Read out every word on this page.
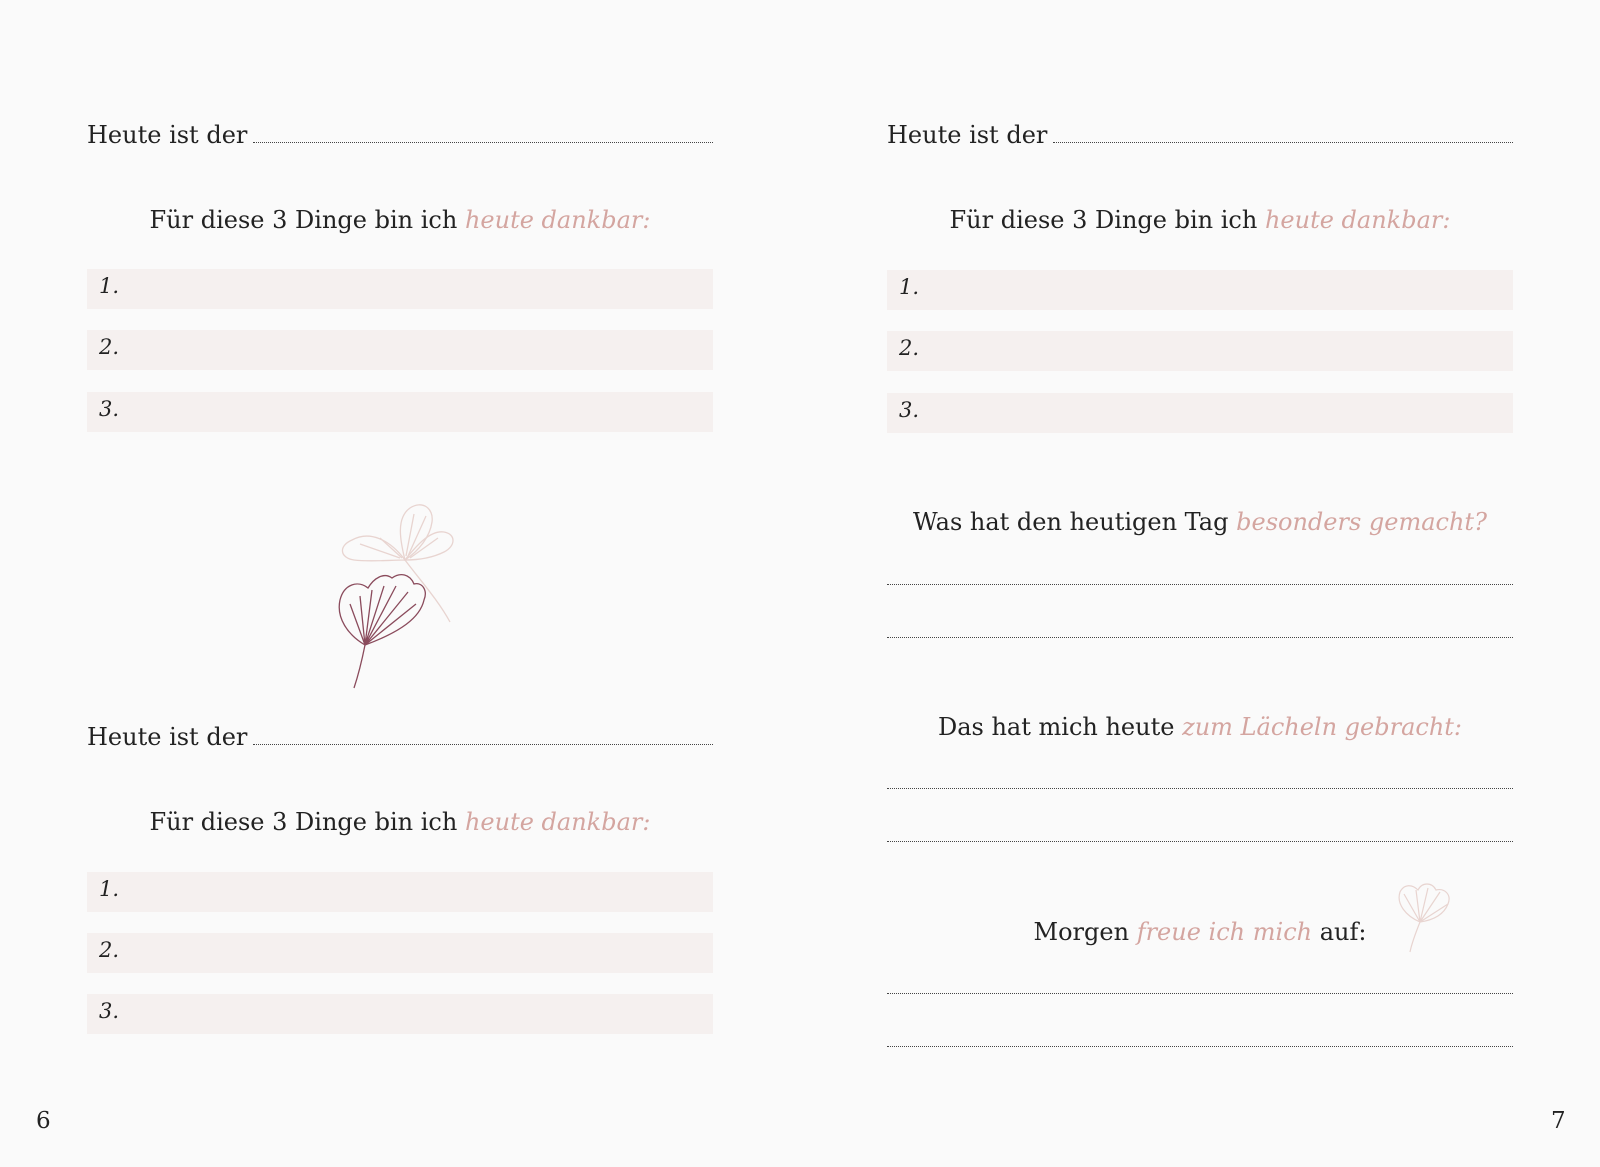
Heute ist der
Für diese 3 Dinge bin ich heute dankbar:
1.
2.
3.
Heute ist der
Für diese 3 Dinge bin ich heute dankbar:
1.
2.
3.
6
Heute ist der
Für diese 3 Dinge bin ich heute dankbar:
1.
2.
3.
Was hat den heutigen Tag besonders gemacht?
Das hat mich heute zum Lächeln gebracht:
Morgen freue ich mich auf:
7
